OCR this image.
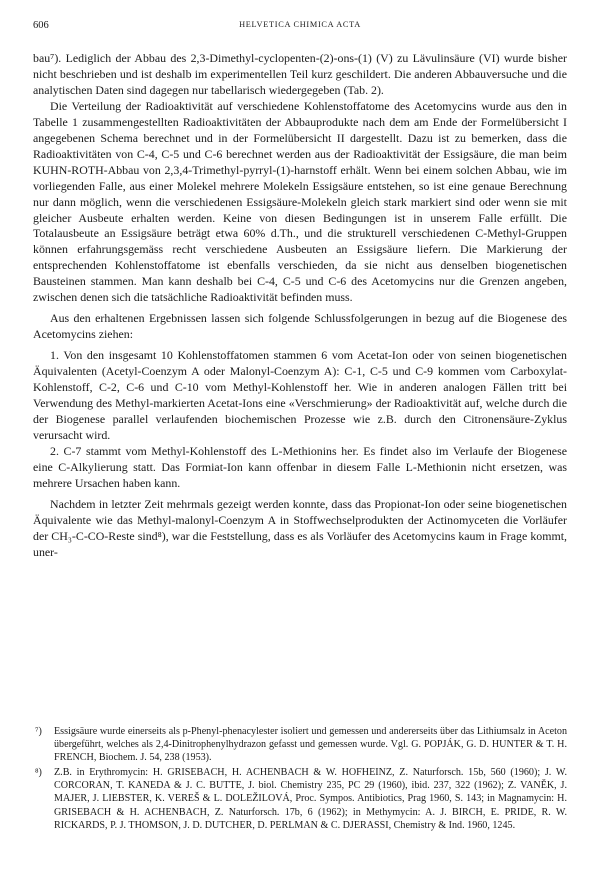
606	HELVETICA CHIMICA ACTA

bau⁷). Lediglich der Abbau des 2,3-Dimethyl-cyclopenten-(2)-ons-(1) (V) zu Lävulinsäure (VI) wurde bisher nicht beschrieben und ist deshalb im experimentellen Teil kurz geschildert. Die anderen Abbauversuche und die analytischen Daten sind dagegen nur tabellarisch wiedergegeben (Tab. 2).

Die Verteilung der Radioaktivität auf verschiedene Kohlenstoffatome des Acetomycins wurde aus den in Tabelle 1 zusammengestellten Radioaktivitäten der Abbauprodukte nach dem am Ende der Formelübersicht I angegebenen Schema berechnet und in der Formelübersicht II dargestellt. Dazu ist zu bemerken, dass die Radioaktivitäten von C-4, C-5 und C-6 berechnet werden aus der Radioaktivität der Essigsäure, die man beim KUHN-ROTH-Abbau von 2,3,4-Trimethyl-pyrryl-(1)-harnstoff erhält. Wenn bei einem solchen Abbau, wie im vorliegenden Falle, aus einer Molekel mehrere Molekeln Essigsäure entstehen, so ist eine genaue Berechnung nur dann möglich, wenn die verschiedenen Essigsäure-Molekeln gleich stark markiert sind oder wenn sie mit gleicher Ausbeute erhalten werden. Keine von diesen Bedingungen ist in unserem Falle erfüllt. Die Totalausbeute an Essigsäure beträgt etwa 60% d.Th., und die strukturell verschiedenen C-Methyl-Gruppen können erfahrungsgemäss recht verschiedene Ausbeuten an Essigsäure liefern. Die Markierung der entsprechenden Kohlenstoffatome ist ebenfalls verschieden, da sie nicht aus denselben biogenetischen Bausteinen stammen. Man kann deshalb bei C-4, C-5 und C-6 des Acetomycins nur die Grenzen angeben, zwischen denen sich die tatsächliche Radioaktivität befinden muss.

Aus den erhaltenen Ergebnissen lassen sich folgende Schlussfolgerungen in bezug auf die Biogenese des Acetomycins ziehen:

1. Von den insgesamt 10 Kohlenstoffatomen stammen 6 vom Acetat-Ion oder von seinen biogenetischen Äquivalenten (Acetyl-Coenzym A oder Malonyl-Coenzym A): C-1, C-5 und C-9 kommen vom Carboxylat-Kohlenstoff, C-2, C-6 und C-10 vom Methyl-Kohlenstoff her. Wie in anderen analogen Fällen tritt bei Verwendung des Methyl-markierten Acetat-Ions eine «Verschmierung» der Radioaktivität auf, welche durch die der Biogenese parallel verlaufenden biochemischen Prozesse wie z.B. durch den Citronensäure-Zyklus verursacht wird.

2. C-7 stammt vom Methyl-Kohlenstoff des L-Methionins her. Es findet also im Verlaufe der Biogenese eine C-Alkylierung statt. Das Formiat-Ion kann offenbar in diesem Falle L-Methionin nicht ersetzen, was mehrere Ursachen haben kann.

Nachdem in letzter Zeit mehrmals gezeigt werden konnte, dass das Propionat-Ion oder seine biogenetischen Äquivalente wie das Methyl-malonyl-Coenzym A in Stoffwechselprodukten der Actinomyceten die Vorläufer der CH₃-C-CO-Reste sind⁸), war die Feststellung, dass es als Vorläufer des Acetomycins kaum in Frage kommt, uner-

⁷) Essigsäure wurde einerseits als p-Phenyl-phenacylester isoliert und gemessen und andererseits über das Lithiumsalz in Aceton übergeführt, welches als 2,4-Dinitrophenylhydrazon gefasst und gemessen wurde. Vgl. G. POPJÁK, G. D. HUNTER & T. H. FRENCH, Biochem. J. 54, 238 (1953).
⁸) Z.B. in Erythromycin: H. GRISEBACH, H. ACHENBACH & W. HOFHEINZ, Z. Naturforsch. 15b, 560 (1960); J. W. CORCORAN, T. KANEDA & J. C. BUTTE, J. biol. Chemistry 235, PC 29 (1960), ibid. 237, 322 (1962); Z. VANĚK, J. MAJER, J. LIEBSTER, K. VEREŠ & L. DOLEŽILOVÁ, Proc. Sympos. Antibiotics, Prag 1960, S. 143; in Magnamycin: H. GRISEBACH & H. ACHENBACH, Z. Naturforsch. 17b, 6 (1962); in Methymycin: A. J. BIRCH, E. PRIDE, R. W. RICKARDS, P. J. THOMSON, J. D. DUTCHER, D. PERLMAN & C. DJERASSI, Chemistry & Ind. 1960, 1245.
